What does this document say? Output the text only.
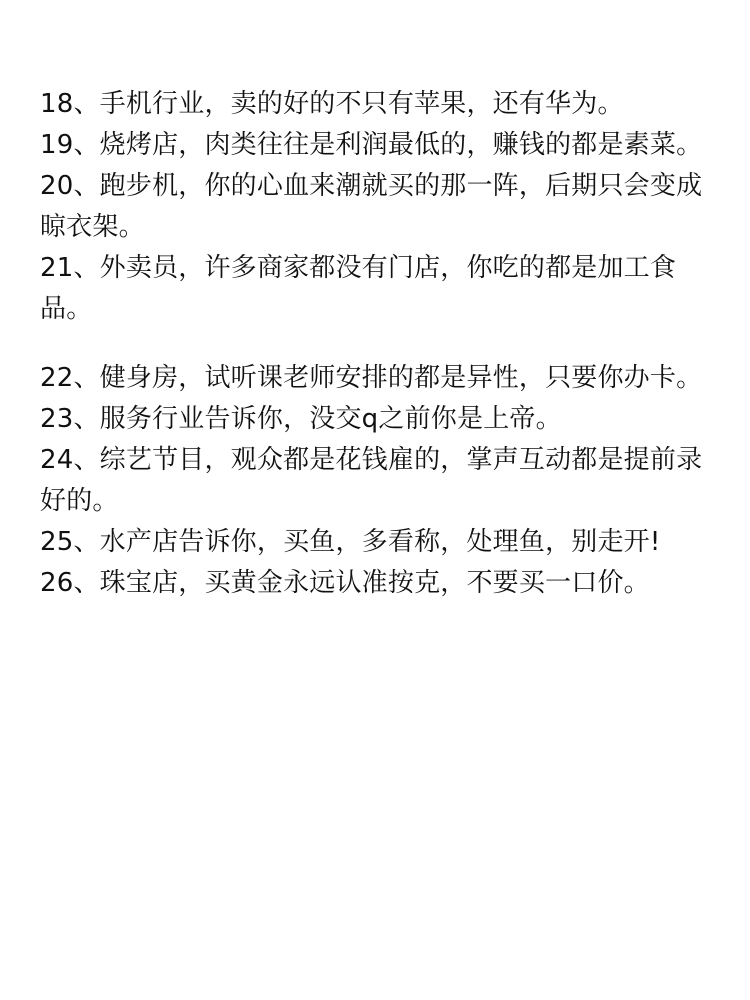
18、手机行业，卖的好的不只有苹果，还有华为。

19、烧烤店，肉类往往是利润最低的，赚钱的都是素菜。

20、跑步机，你的心血来潮就买的那一阵，后期只会变成晾衣架。

21、外卖员，许多商家都没有门店，你吃的都是加工食品。

22、健身房，试听课老师安排的都是异性，只要你办卡。

23、服务行业告诉你，没交q之前你是上帝。

24、综艺节目，观众都是花钱雇的，掌声互动都是提前录好的。

25、水产店告诉你，买鱼，多看称，处理鱼，别走开!

26、珠宝店，买黄金永远认准按克，不要买一口价。
